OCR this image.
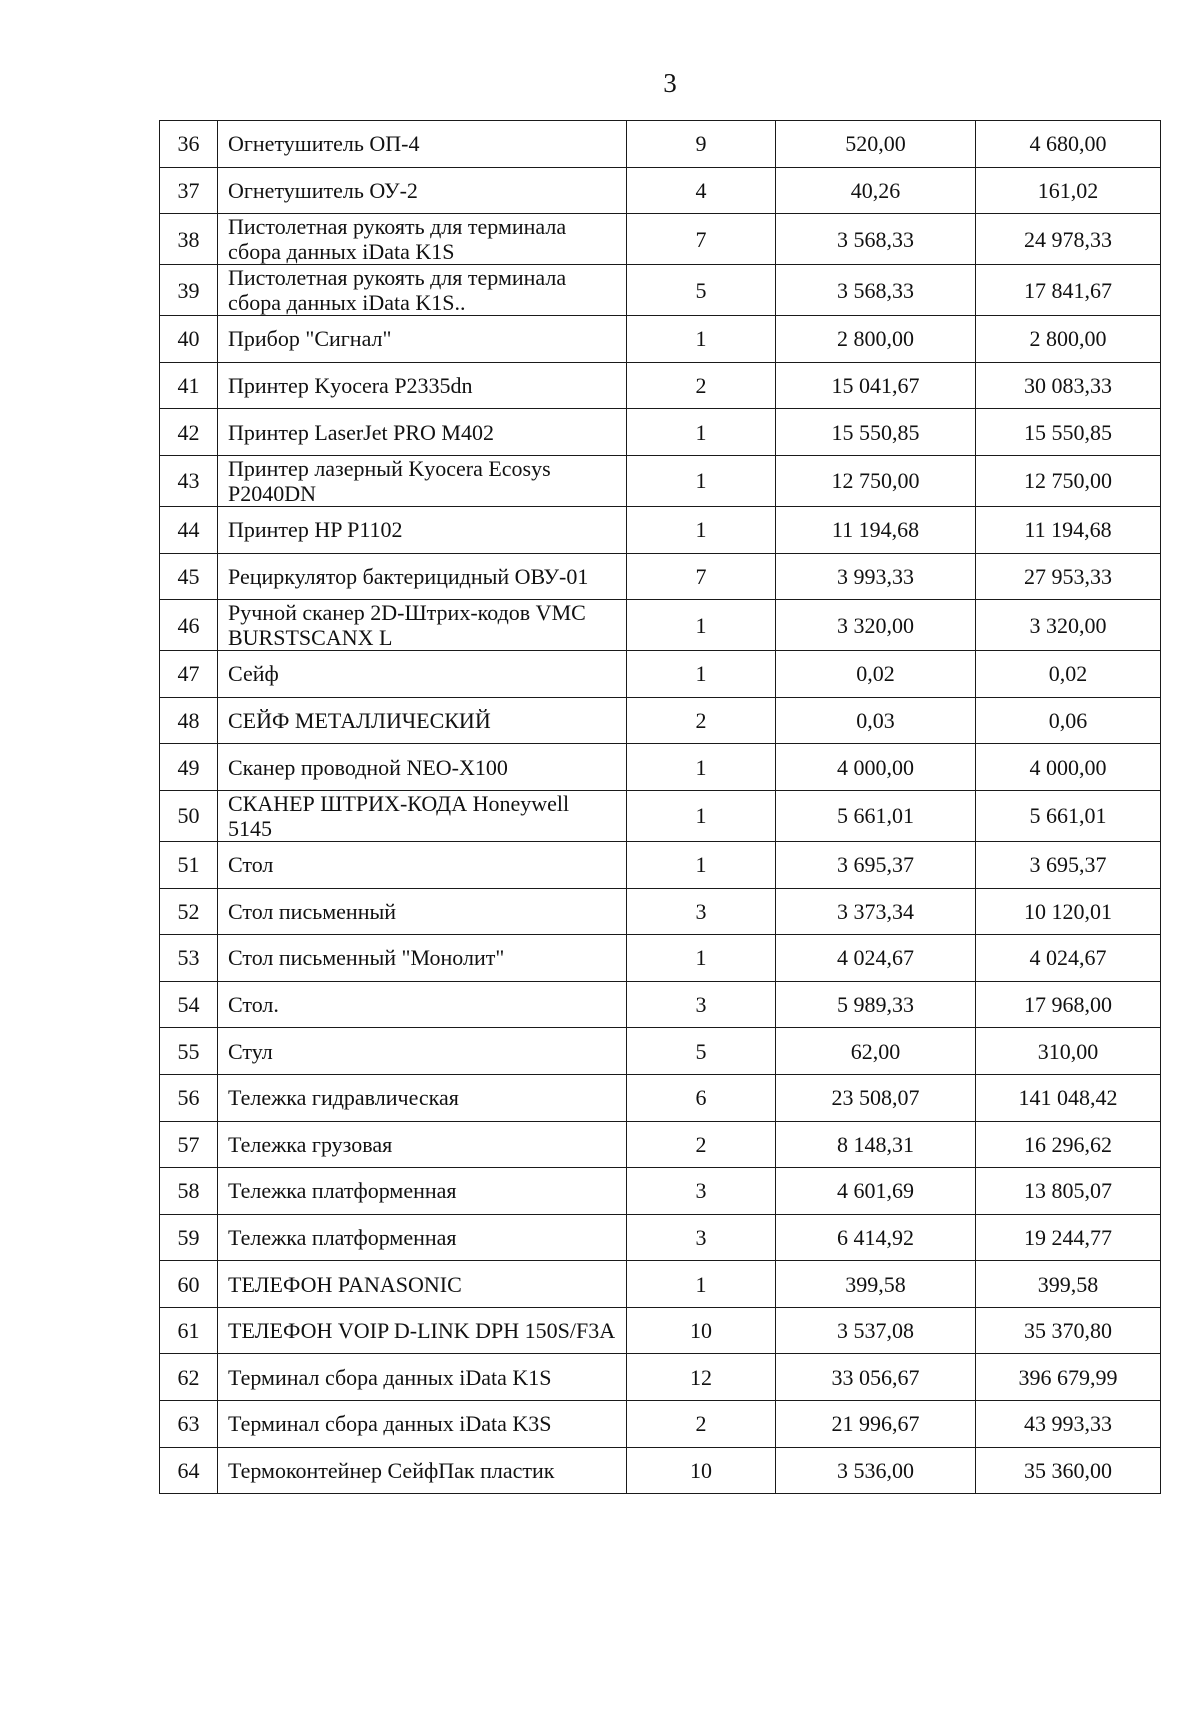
3
36	Огнетушитель ОП-4	9	520,00	4 680,00
37	Огнетушитель ОУ-2	4	40,26	161,02
38	Пистолетная рукоять для терминала сбора данных iData K1S	7	3 568,33	24 978,33
39	Пистолетная рукоять для терминала сбора данных iData K1S..	5	3 568,33	17 841,67
40	Прибор "Сигнал"	1	2 800,00	2 800,00
41	Принтер Kyocera P2335dn	2	15 041,67	30 083,33
42	Принтер LaserJet PRO M402	1	15 550,85	15 550,85
43	Принтер лазерный Kyocera Ecosys P2040DN	1	12 750,00	12 750,00
44	Принтер HP P1102	1	11 194,68	11 194,68
45	Рециркулятор бактерицидный ОВУ-01	7	3 993,33	27 953,33
46	Ручной сканер 2D-Штрих-кодов VMC BURSTSCANX L	1	3 320,00	3 320,00
47	Сейф	1	0,02	0,02
48	СЕЙФ МЕТАЛЛИЧЕСКИЙ	2	0,03	0,06
49	Сканер проводной NEO-X100	1	4 000,00	4 000,00
50	СКАНЕР ШТРИХ-КОДА Honeywell 5145	1	5 661,01	5 661,01
51	Стол	1	3 695,37	3 695,37
52	Стол письменный	3	3 373,34	10 120,01
53	Стол письменный "Монолит"	1	4 024,67	4 024,67
54	Стол.	3	5 989,33	17 968,00
55	Стул	5	62,00	310,00
56	Тележка гидравлическая	6	23 508,07	141 048,42
57	Тележка грузовая	2	8 148,31	16 296,62
58	Тележка платформенная	3	4 601,69	13 805,07
59	Тележка платформенная	3	6 414,92	19 244,77
60	ТЕЛЕФОН PANASONIC	1	399,58	399,58
61	ТЕЛЕФОН VOIP D-LINK DPH 150S/F3A	10	3 537,08	35 370,80
62	Терминал сбора данных iData K1S	12	33 056,67	396 679,99
63	Терминал сбора данных iData K3S	2	21 996,67	43 993,33
64	Термоконтейнер СейфПак пластик	10	3 536,00	35 360,00
